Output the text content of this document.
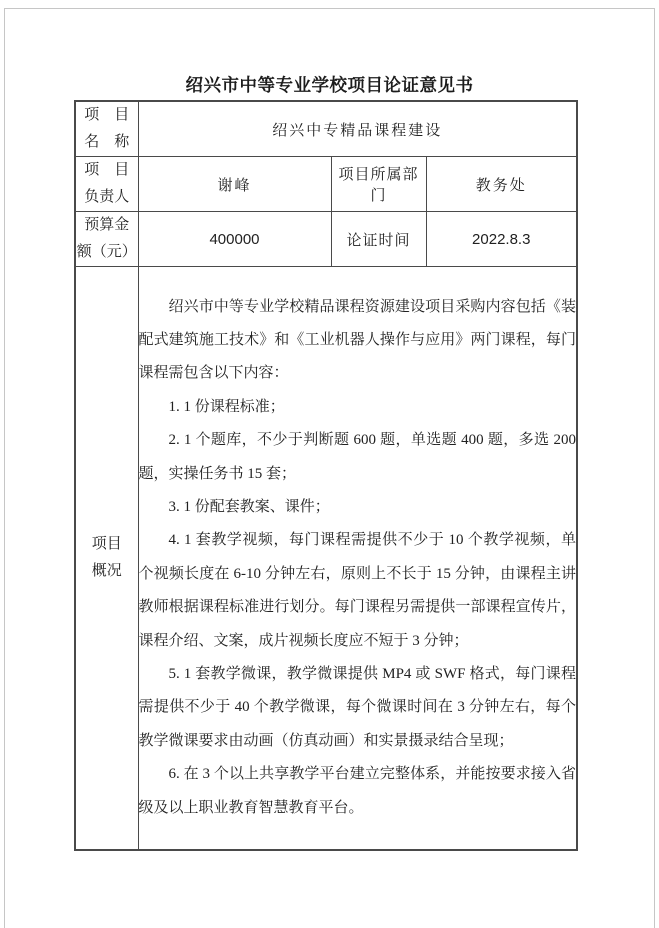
绍兴市中等专业学校项目论证意见书
项　目
名　称	绍兴中专精品课程建设		

项　目
负责人	谢峰	项目所属部门	教务处

预算金
额（元）	400000	论证时间	2022.8.3

项目
概况

绍兴市中等专业学校精品课程资源建设项目采购内容包括《装配式建筑施工技术》和《工业机器人操作与应用》两门课程，每门课程需包含以下内容：

1. 1 份课程标准；

2. 1 个题库，不少于判断题 600 题，单选题 400 题，多选 200 题，实操任务书 15 套；

3. 1 份配套教案、课件；

4. 1 套教学视频，每门课程需提供不少于 10 个教学视频，单个视频长度在 6-10 分钟左右，原则上不长于 15 分钟，由课程主讲教师根据课程标准进行划分。每门课程另需提供一部课程宣传片，课程介绍、文案，成片视频长度应不短于 3 分钟；

5. 1 套教学微课，教学微课提供 MP4 或 SWF 格式，每门课程需提供不少于 40 个教学微课，每个微课时间在 3 分钟左右，每个教学微课要求由动画（仿真动画）和实景摄录结合呈现；

6. 在 3 个以上共享教学平台建立完整体系，并能按要求接入省级及以上职业教育智慧教育平台。
